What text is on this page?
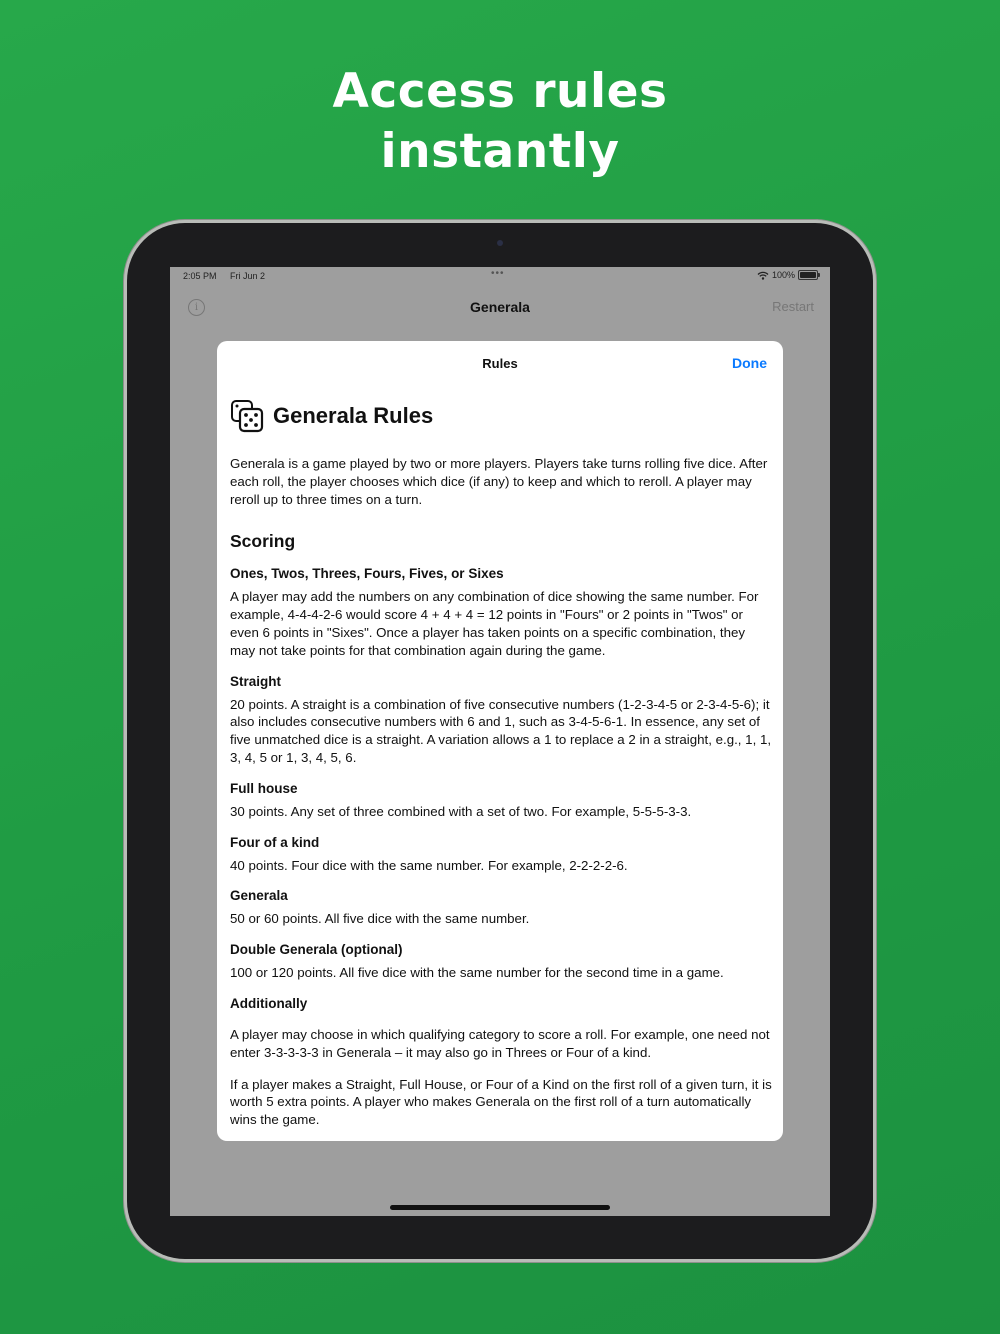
Access rules
instantly
2:05 PM Fri Jun 2	•••	100%
i	Generala	Restart
Rules	Done
Generala Rules

Generala is a game played by two or more players. Players take turns rolling five dice. After each roll, the player chooses which dice (if any) to keep and which to reroll. A player may reroll up to three times on a turn.

Scoring

Ones, Twos, Threes, Fours, Fives, or Sixes

A player may add the numbers on any combination of dice showing the same number. For example, 4-4-4-2-6 would score 4 + 4 + 4 = 12 points in "Fours" or 2 points in "Twos" or even 6 points in "Sixes". Once a player has taken points on a specific combination, they may not take points for that combination again during the game.

Straight

20 points. A straight is a combination of five consecutive numbers (1-2-3-4-5 or 2-3-4-5-6); it also includes consecutive numbers with 6 and 1, such as 3-4-5-6-1. In essence, any set of five unmatched dice is a straight. A variation allows a 1 to replace a 2 in a straight, e.g., 1, 1, 3, 4, 5 or 1, 3, 4, 5, 6.

Full house

30 points. Any set of three combined with a set of two. For example, 5-5-5-3-3.

Four of a kind

40 points. Four dice with the same number. For example, 2-2-2-2-6.

Generala

50 or 60 points. All five dice with the same number.

Double Generala (optional)

100 or 120 points. All five dice with the same number for the second time in a game.

Additionally

A player may choose in which qualifying category to score a roll. For example, one need not enter 3-3-3-3-3 in Generala – it may also go in Threes or Four of a kind.

If a player makes a Straight, Full House, or Four of a Kind on the first roll of a given turn, it is worth 5 extra points. A player who makes Generala on the first roll of a turn automatically wins the game.
